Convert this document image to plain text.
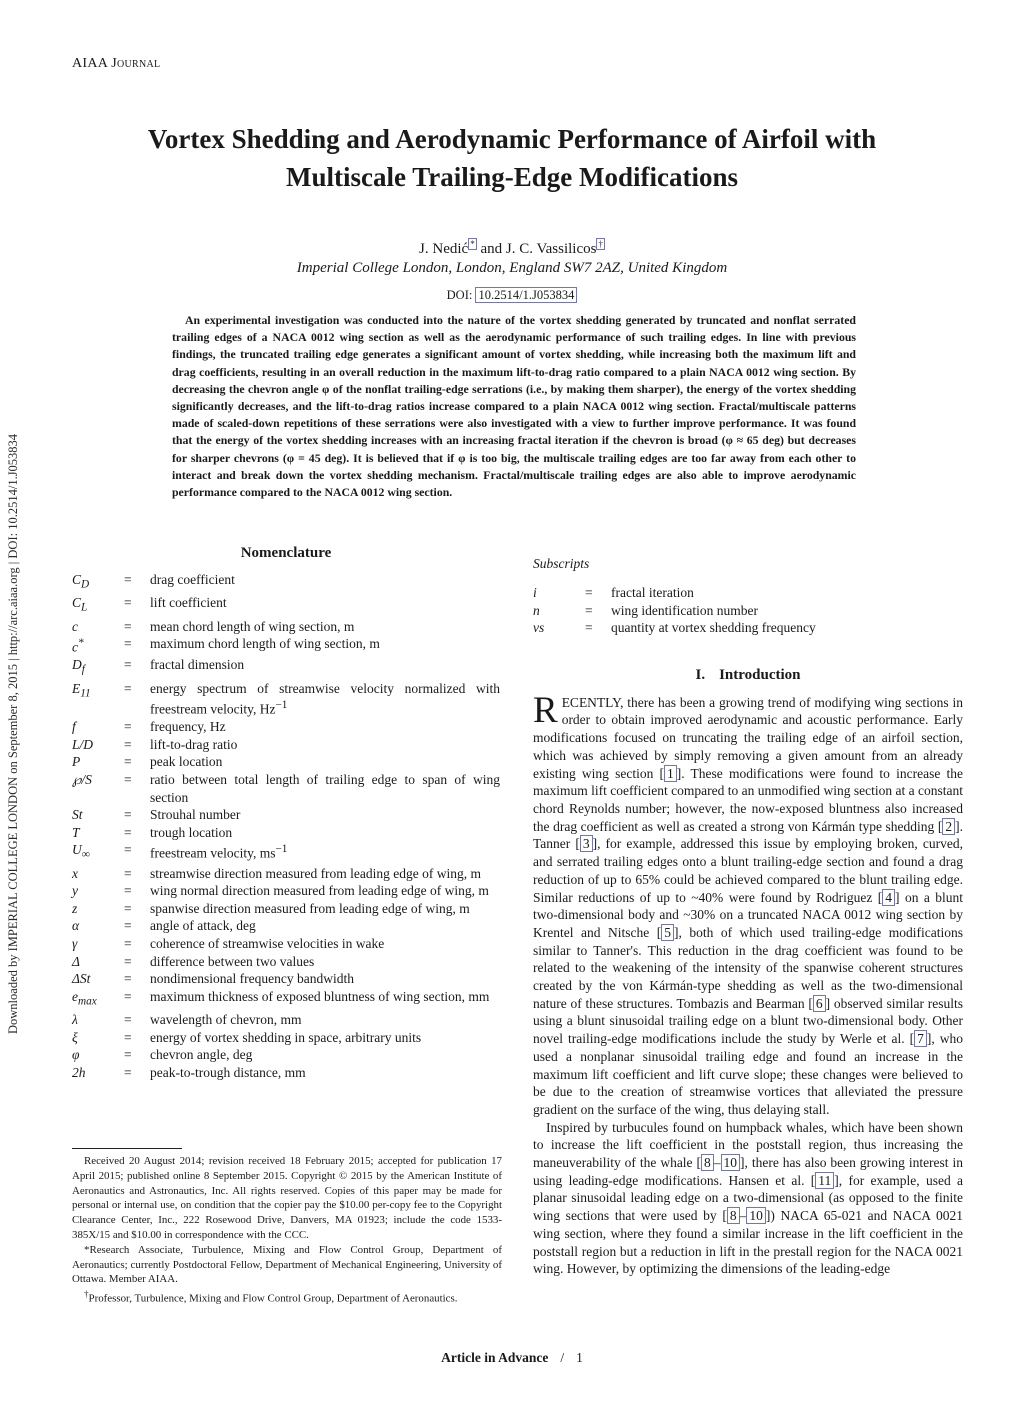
AIAA Journal
Downloaded by IMPERIAL COLLEGE LONDON on September 8, 2015 | http://arc.aiaa.org | DOI: 10.2514/1.J053834
Vortex Shedding and Aerodynamic Performance of Airfoil with
Multiscale Trailing-Edge Modifications
J. Nedić * and J. C. Vassilicos †
Imperial College London, London, England SW7 2AZ, United Kingdom
DOI: 10.2514/1.J053834
An experimental investigation was conducted into the nature of the vortex shedding generated by truncated and nonflat serrated trailing edges of a NACA 0012 wing section as well as the aerodynamic performance of such trailing edges. In line with previous findings, the truncated trailing edge generates a significant amount of vortex shedding, while increasing both the maximum lift and drag coefficients, resulting in an overall reduction in the maximum lift-to-drag ratio compared to a plain NACA 0012 wing section. By decreasing the chevron angle φ of the nonflat trailing-edge serrations (i.e., by making them sharper), the energy of the vortex shedding significantly decreases, and the lift-to-drag ratios increase compared to a plain NACA 0012 wing section. Fractal/multiscale patterns made of scaled-down repetitions of these serrations were also investigated with a view to further improve performance. It was found that the energy of the vortex shedding increases with an increasing fractal iteration if the chevron is broad (φ ≈ 65 deg) but decreases for sharper chevrons (φ = 45 deg). It is believed that if φ is too big, the multiscale trailing edges are too far away from each other to interact and break down the vortex shedding mechanism. Fractal/multiscale trailing edges are also able to improve aerodynamic performance compared to the NACA 0012 wing section.
Nomenclature
$C_D$	=	drag coefficient
$C_L$	=	lift coefficient
c	=	mean chord length of wing section, m
c*	=	maximum chord length of wing section, m
$D_f$	=	fractal dimension
$E_{11}$	=	energy spectrum of streamwise velocity normalized with freestream velocity, $Hz^{-1}$
f	=	frequency, Hz
L/D	=	lift-to-drag ratio
P	=	peak location
℘/S	=	ratio between total length of trailing edge to span of wing section
St	=	Strouhal number
T	=	trough location
$U_\infty$	=	freestream velocity, $ms^{-1}$
x	=	streamwise direction measured from leading edge of wing, m
y	=	wing normal direction measured from leading edge of wing, m
z	=	spanwise direction measured from leading edge of wing, m
α	=	angle of attack, deg
γ	=	coherence of streamwise velocities in wake
Δ	=	difference between two values
ΔSt	=	nondimensional frequency bandwidth
$e_{max}$	=	maximum thickness of exposed bluntness of wing section, mm
λ	=	wavelength of chevron, mm
ξ	=	energy of vortex shedding in space, arbitrary units
φ	=	chevron angle, deg
2h	=	peak-to-trough distance, mm
Subscripts
i	=	fractal iteration
n	=	wing identification number
vs	=	quantity at vortex shedding frequency
I. Introduction

RECENTLY, there has been a growing trend of modifying wing sections in order to obtain improved aerodynamic and acoustic performance. Early modifications focused on truncating the trailing edge of an airfoil section, which was achieved by simply removing a given amount from an already existing wing section [ 1 ]. These modifications were found to increase the maximum lift coefficient compared to an unmodified wing section at a constant chord Reynolds number; however, the now-exposed bluntness also increased the drag coefficient as well as created a strong von Kármán type shedding [ 2 ]. Tanner [ 3 ], for example, addressed this issue by employing broken, curved, and serrated trailing edges onto a blunt trailing-edge section and found a drag reduction of up to 65% could be achieved compared to the blunt trailing edge. Similar reductions of up to ~40% were found by Rodriguez [ 4 ] on a blunt two-dimensional body and ~30% on a truncated NACA 0012 wing section by Krentel and Nitsche [ 5 ], both of which used trailing-edge modifications similar to Tanner's. This reduction in the drag coefficient was found to be related to the weakening of the intensity of the spanwise coherent structures created by the von Kármán-type shedding as well as the two-dimensional nature of these structures. Tombazis and Bearman [ 6 ] observed similar results using a blunt sinusoidal trailing edge on a blunt two-dimensional body. Other novel trailing-edge modifications include the study by Werle et al. [ 7 ], who used a nonplanar sinusoidal trailing edge and found an increase in the maximum lift coefficient and lift curve slope; these changes were believed to be due to the creation of streamwise vortices that alleviated the pressure gradient on the surface of the wing, thus delaying stall.

Inspired by turbucules found on humpback whales, which have been shown to increase the lift coefficient in the poststall region, thus increasing the maneuverability of the whale [ 8 – 10 ], there has also been growing interest in using leading-edge modifications. Hansen et al. [ 11 ], for example, used a planar sinusoidal leading edge on a two-dimensional (as opposed to the finite wing sections that were used by [ 8 – 10 ]) NACA 65-021 and NACA 0021 wing section, where they found a similar increase in the lift coefficient in the poststall region but a reduction in lift in the prestall region for the NACA 0021 wing. However, by optimizing the dimensions of the leading-edge

Received 20 August 2014; revision received 18 February 2015; accepted for publication 17 April 2015; published online 8 September 2015. Copyright © 2015 by the American Institute of Aeronautics and Astronautics, Inc. All rights reserved. Copies of this paper may be made for personal or internal use, on condition that the copier pay the $10.00 per-copy fee to the Copyright Clearance Center, Inc., 222 Rosewood Drive, Danvers, MA 01923; include the code 1533-385X/15 and $10.00 in correspondence with the CCC.

*Research Associate, Turbulence, Mixing and Flow Control Group, Department of Aeronautics; currently Postdoctoral Fellow, Department of Mechanical Engineering, University of Ottawa. Member AIAA.

†Professor, Turbulence, Mixing and Flow Control Group, Department of Aeronautics.

Article in Advance / 1
